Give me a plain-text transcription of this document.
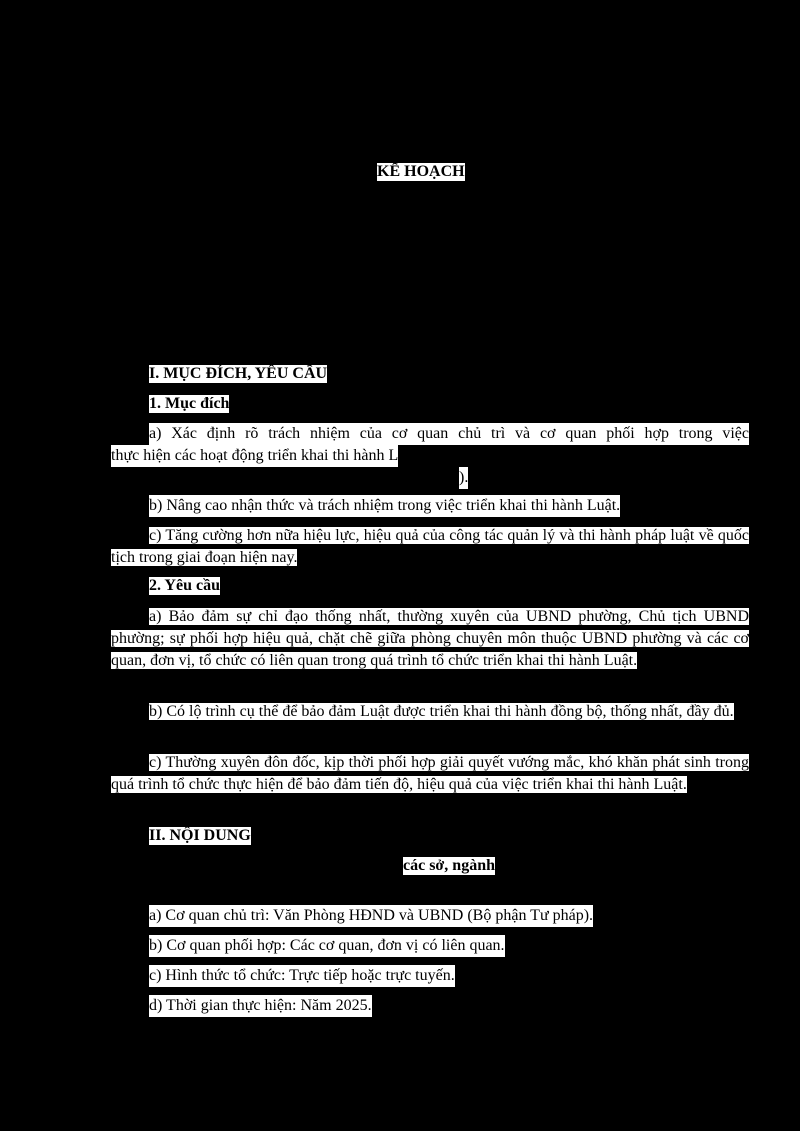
KẾ HOẠCH
I. MỤC ĐÍCH, YÊU CẦU
1. Mục đích
a) Xác định rõ trách nhiệm của cơ quan chủ trì và cơ quan phối hợp trong việc
thực hiện các hoạt động triển khai thi hành L
).
b) Nâng cao nhận thức và trách nhiệm trong việc triển khai thi hành Luật.
c) Tăng cường hơn nữa hiệu lực, hiệu quả của công tác quản lý và thi hành pháp luật về quốc tịch trong giai đoạn hiện nay.
2. Yêu cầu
a) Bảo đảm sự chỉ đạo thống nhất, thường xuyên của UBND phường, Chủ tịch UBND phường; sự phối hợp hiệu quả, chặt chẽ giữa phòng chuyên môn thuộc UBND phường và các cơ quan, đơn vị, tổ chức có liên quan trong quá trình tổ chức triển khai thi hành Luật.
b) Có lộ trình cụ thể để bảo đảm Luật được triển khai thi hành đồng bộ, thống nhất, đầy đủ.
c) Thường xuyên đôn đốc, kịp thời phối hợp giải quyết vướng mắc, khó khăn phát sinh trong quá trình tổ chức thực hiện để bảo đảm tiến độ, hiệu quả của việc triển khai thi hành Luật.
II. NỘI DUNG
các sở, ngành
a) Cơ quan chủ trì: Văn Phòng HĐND và UBND (Bộ phận Tư pháp).
b) Cơ quan phối hợp: Các cơ quan, đơn vị có liên quan.
c) Hình thức tổ chức: Trực tiếp hoặc trực tuyến.
d) Thời gian thực hiện: Năm 2025.
